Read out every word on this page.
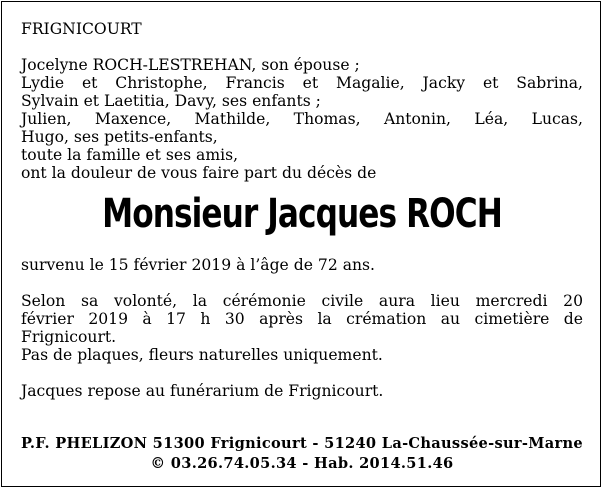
FRIGNICOURT
Jocelyne ROCH-LESTREHAN, son épouse ;
Lydie et Christophe, Francis et Magalie, Jacky et Sabrina,
Sylvain et Laetitia, Davy, ses enfants ;
Julien, Maxence, Mathilde, Thomas, Antonin, Léa, Lucas,
Hugo, ses petits-enfants,
toute la famille et ses amis,
ont la douleur de vous faire part du décès de
Monsieur Jacques ROCH
survenu le 15 février 2019 à l’âge de 72 ans.
Selon sa volonté, la cérémonie civile aura lieu mercredi 20
février 2019 à 17 h 30 après la crémation au cimetière de
Frignicourt.
Pas de plaques, fleurs naturelles uniquement.
Jacques repose au funérarium de Frignicourt.
P.F. PHELIZON 51300 Frignicourt - 51240 La-Chaussée-sur-Marne
© 03.26.74.05.34 - Hab. 2014.51.46
